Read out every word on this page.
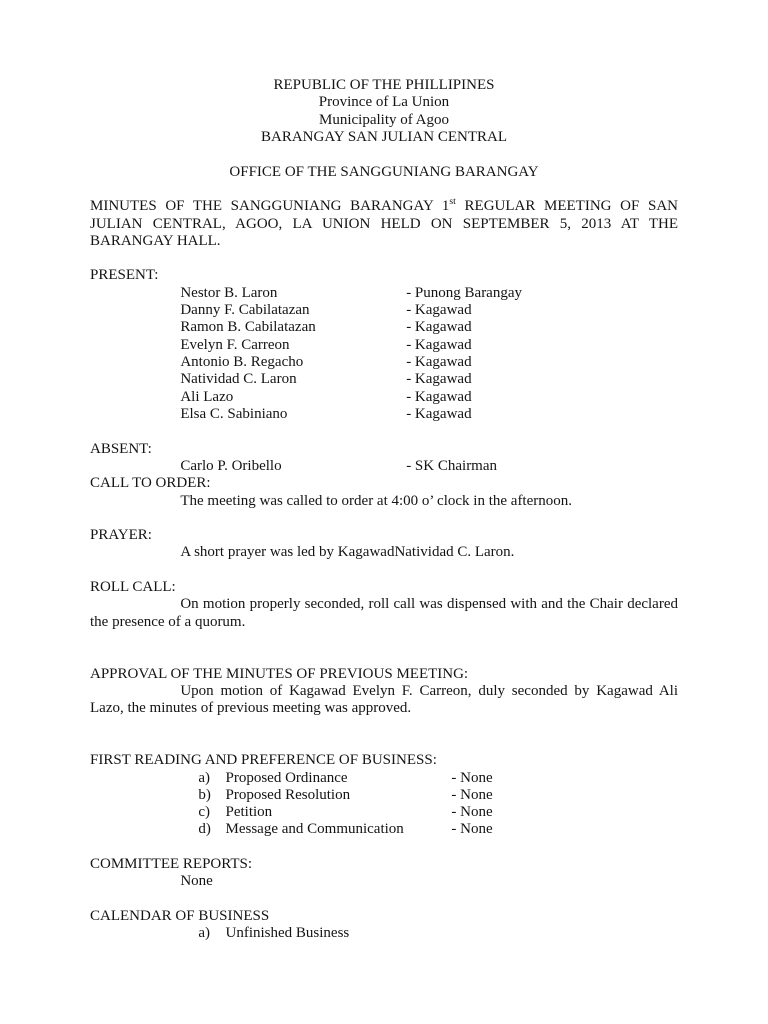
REPUBLIC OF THE PHILLIPINES
Province of La Union
Municipality of Agoo
BARANGAY SAN JULIAN CENTRAL
OFFICE OF THE SANGGUNIANG BARANGAY
MINUTES OF THE SANGGUNIANG BARANGAY 1st REGULAR MEETING OF SAN JULIAN CENTRAL, AGOO, LA UNION HELD ON SEPTEMBER 5, 2013 AT THE BARANGAY HALL.
PRESENT:
Nestor B. Laron	- Punong Barangay
Danny F. Cabilatazan	- Kagawad
Ramon B. Cabilatazan	- Kagawad
Evelyn F. Carreon	- Kagawad
Antonio B. Regacho	- Kagawad
Natividad C. Laron	- Kagawad
Ali Lazo	- Kagawad
Elsa C. Sabiniano	- Kagawad
ABSENT:
Carlo P. Oribello	- SK Chairman
CALL TO ORDER:
The meeting was called to order at 4:00 o’ clock in the afternoon.
PRAYER:
A short prayer was led by KagawadNatividad C. Laron.
ROLL CALL:
On motion properly seconded, roll call was dispensed with and the Chair declared the presence of a quorum.
APPROVAL OF THE MINUTES OF PREVIOUS MEETING:
Upon motion of Kagawad Evelyn F. Carreon, duly seconded by Kagawad Ali Lazo, the minutes of previous meeting was approved.
FIRST READING AND PREFERENCE OF BUSINESS:
a) Proposed Ordinance	- None
b) Proposed Resolution	- None
c) Petition	- None
d) Message and Communication	- None
COMMITTEE REPORTS:
None
CALENDAR OF BUSINESS
a) Unfinished Business
